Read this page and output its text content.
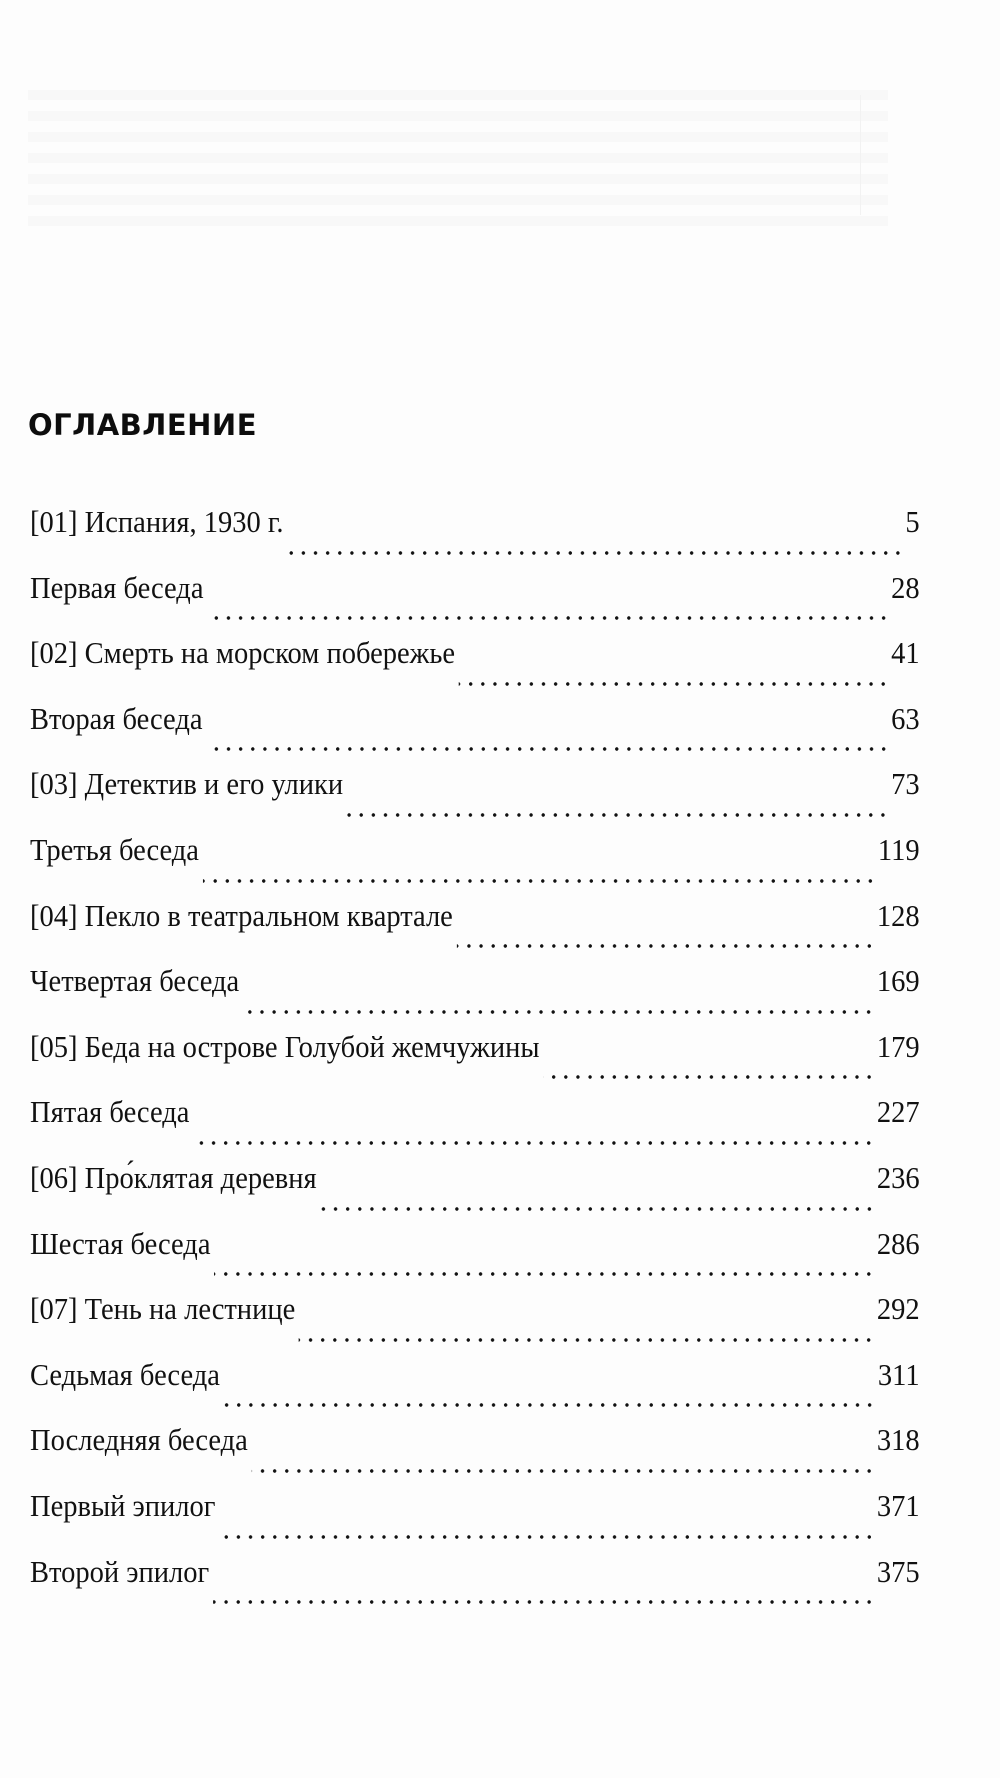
ОГЛАВЛЕНИЕ
[01] Испания, 1930 г.	5
Первая беседа	28
[02] Смерть на морском побережье	41
Вторая беседа	63
[03] Детектив и его улики	73
Третья беседа	119
[04] Пекло в театральном квартале	128
Четвертая беседа	169
[05] Беда на острове Голубой жемчужины	179
Пятая беседа	227
[06] Про́клятая деревня	236
Шестая беседа	286
[07] Тень на лестнице	292
Седьмая беседа	311
Последняя беседа	318
Первый эпилог	371
Второй эпилог	375
